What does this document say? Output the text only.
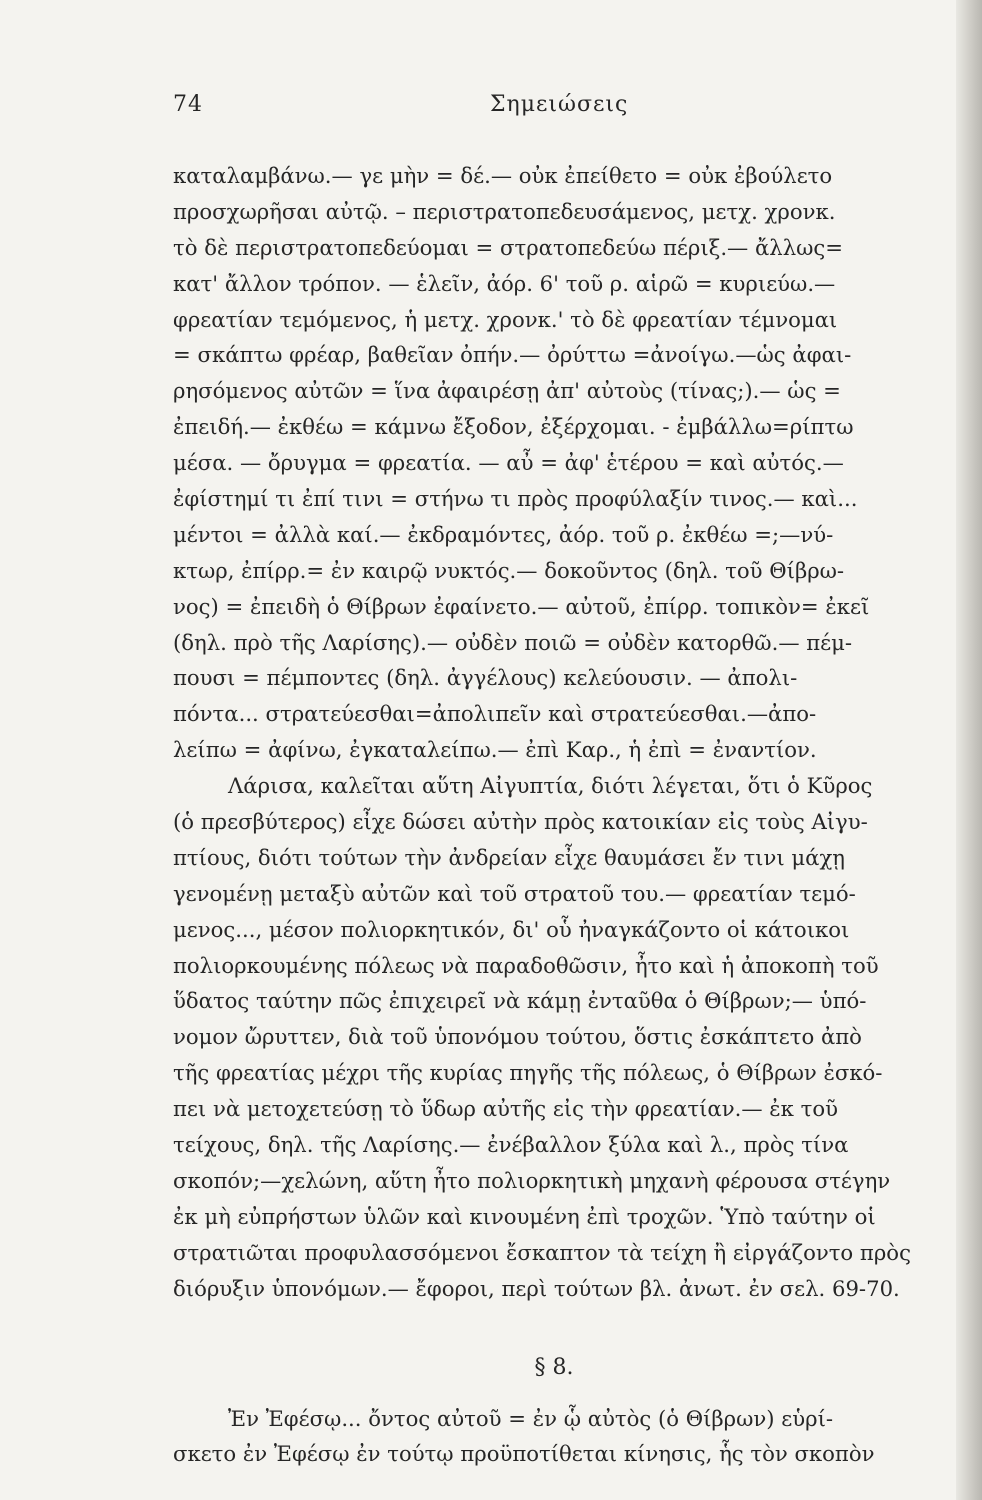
74	Σημειώσεις
καταλαμβάνω.— γε μὴν = δέ.— οὐκ ἐπείθετο = οὐκ ἐβούλετο
προσχωρῆσαι αὐτῷ. – περιστρατοπεδευσάμενος, μετχ. χρονκ.
τὸ δὲ περιστρατοπεδεύομαι = στρατοπεδεύω πέριξ.— ἄλλως=
κατ' ἄλλον τρόπον. — ἑλεῖν, ἀόρ. 6' τοῦ ρ. αἱρῶ = κυριεύω.—
φρεατίαν τεμόμενος, ἡ μετχ. χρονκ.' τὸ δὲ φρεατίαν τέμνομαι
= σκάπτω φρέαρ, βαθεῖαν ὀπήν.— ὀρύττω =ἀνοίγω.—ὡς ἀφαι-
ρησόμενος αὐτῶν = ἵνα ἀφαιρέσῃ ἀπ' αὐτοὺς (τίνας;).— ὡς =
ἐπειδή.— ἐκθέω = κάμνω ἔξοδον, ἐξέρχομαι. - ἐμβάλλω=ρίπτω
μέσα. — ὄρυγμα = φρεατία. — αὖ = ἀφ' ἑτέρου = καὶ αὐτός.—
ἐφίστημί τι ἐπί τινι = στήνω τι πρὸς προφύλαξίν τινος.— καὶ...
μέντοι = ἀλλὰ καί.— ἐκδραμόντες, ἀόρ. τοῦ ρ. ἐκθέω =;—νύ-
κτωρ, ἐπίρρ.= ἐν καιρῷ νυκτός.— δοκοῦντος (δηλ. τοῦ Θίβρω-
νος) = ἐπειδὴ ὁ Θίβρων ἐφαίνετο.— αὐτοῦ, ἐπίρρ. τοπικὸν= ἐκεῖ
(δηλ. πρὸ τῆς Λαρίσης).— οὐδὲν ποιῶ = οὐδὲν κατορθῶ.— πέμ-
πουσι = πέμποντες (δηλ. ἀγγέλους) κελεύουσιν. — ἀπολι-
πόντα... στρατεύεσθαι=ἀπολιπεῖν καὶ στρατεύεσθαι.—ἀπο-
λείπω = ἀφίνω, ἐγκαταλείπω.— ἐπὶ Καρ., ἡ ἐπὶ = ἐναντίον.
Λάρισα, καλεῖται αὕτη Αἰγυπτία, διότι λέγεται, ὅτι ὁ Κῦρος
(ὁ πρεσβύτερος) εἶχε δώσει αὐτὴν πρὸς κατοικίαν εἰς τοὺς Αἰγυ-
πτίους, διότι τούτων τὴν ἀνδρείαν εἶχε θαυμάσει ἔν τινι μάχῃ
γενομένῃ μεταξὺ αὐτῶν καὶ τοῦ στρατοῦ του.— φρεατίαν τεμό-
μενος..., μέσον πολιορκητικόν, δι' οὗ ἠναγκάζοντο οἱ κάτοικοι
πολιορκουμένης πόλεως νὰ παραδοθῶσιν, ἦτο καὶ ἡ ἀποκοπὴ τοῦ
ὕδατος ταύτην πῶς ἐπιχειρεῖ νὰ κάμῃ ἐνταῦθα ὁ Θίβρων;— ὑπό-
νομον ὤρυττεν, διὰ τοῦ ὑπονόμου τούτου, ὅστις ἐσκάπτετο ἀπὸ
τῆς φρεατίας μέχρι τῆς κυρίας πηγῆς τῆς πόλεως, ὁ Θίβρων ἐσκό-
πει νὰ μετοχετεύσῃ τὸ ὕδωρ αὐτῆς εἰς τὴν φρεατίαν.— ἐκ τοῦ
τείχους, δηλ. τῆς Λαρίσης.— ἐνέβαλλον ξύλα καὶ λ., πρὸς τίνα
σκοπόν;—χελώνη, αὕτη ἦτο πολιορκητικὴ μηχανὴ φέρουσα στέγην
ἐκ μὴ εὐπρήστων ὑλῶν καὶ κινουμένη ἐπὶ τροχῶν. Ὑπὸ ταύτην οἱ
στρατιῶται προφυλασσόμενοι ἔσκαπτον τὰ τείχη ἢ εἰργάζοντο πρὸς
διόρυξιν ὑπονόμων.— ἔφοροι, περὶ τούτων βλ. ἀνωτ. ἐν σελ. 69-70.
§ 8.
Ἐν Ἐφέσῳ... ὄντος αὐτοῦ = ἐν ᾧ αὐτὸς (ὁ Θίβρων) εὑρί-
σκετο ἐν Ἐφέσῳ ἐν τούτῳ προϋποτίθεται κίνησις, ἧς τὸν σκοπὸν
